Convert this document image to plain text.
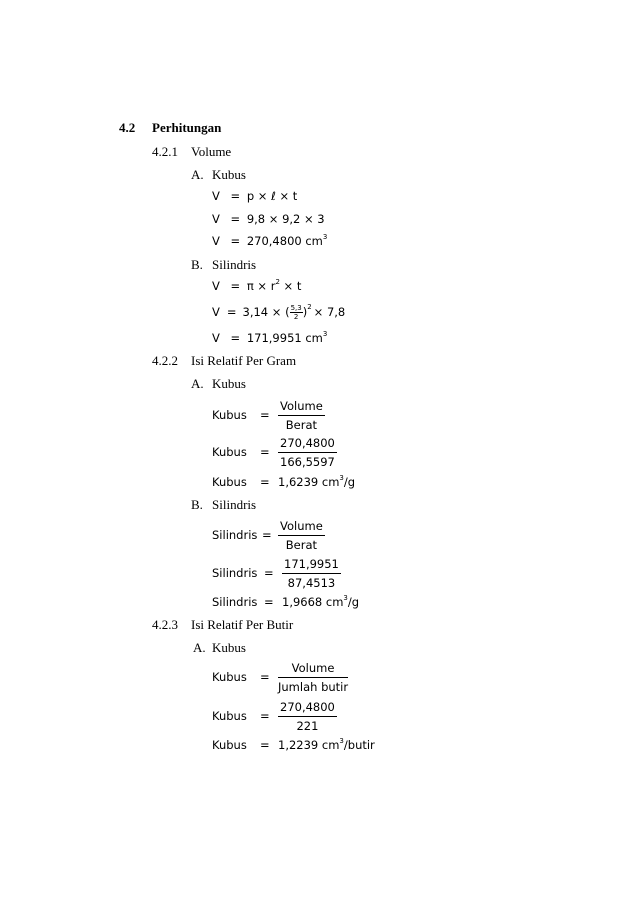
4.2 Perhitungan
4.2.1 Volume
A. Kubus
V = p × ℓ × t
V = 9,8 × 9,2 × 3
V = 270,4800 $cm^3$
B. Silindris
$V = \pi \times r^2 \times t$
V = 3,14 × ( $\frac{5,3}{2} )^2 \times 7,8$
V = 171,9951 $cm^3$
4.2.2 Isi Relatif Per Gram
A. Kubus
Kubus	= $\frac{\text{Volume}}{\text{Berat}}$
Kubus	= $\frac{270,4800}{166,5597}$
Kubus = 1,6239 $cm^3/g$
B. Silindris
Silindris = $\frac{\text{Volume}}{\text{Berat}}$
Silindris = $\frac{171,9951}{87,4513}$
Silindris = 1,9668 $cm^3/g$
4.2.3 Isi Relatif Per Butir
A. Kubus
Kubus	= $\frac{\text{Volume}}{\text{Jumlah butir}}$
Kubus	= $\frac{270,4800}{221}$
Kubus = 1,2239 $cm^3$/butir
